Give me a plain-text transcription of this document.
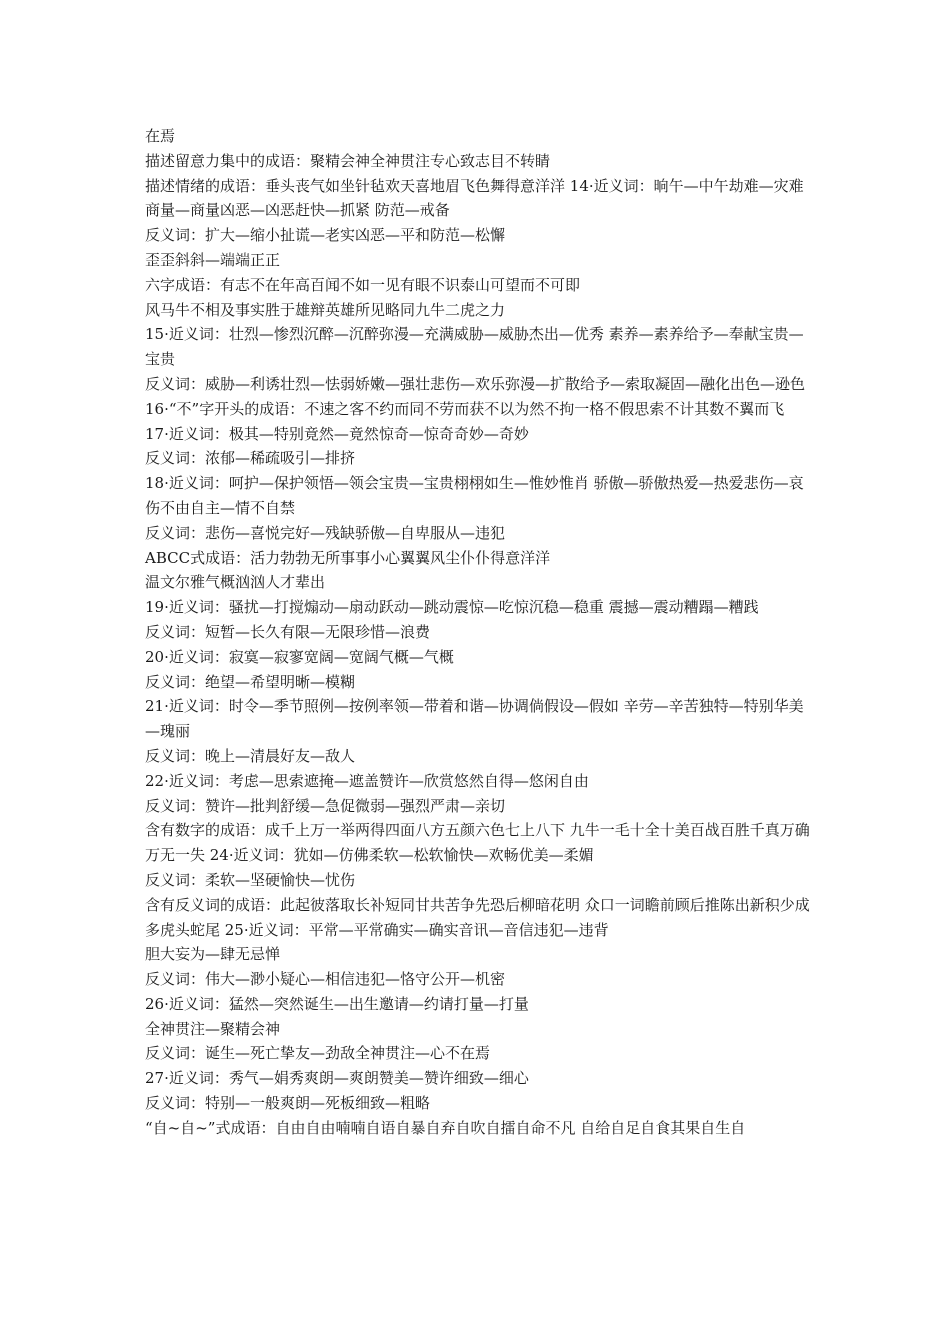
在焉

描述留意力集中的成语：聚精会神全神贯注专心致志目不转睛

描述情绪的成语：垂头丧气如坐针毡欢天喜地眉飞色舞得意洋洋 14·近义词：晌午—中午劫难—灾难商量—商量凶恶—凶恶赶快—抓紧 防范—戒备

反义词：扩大—缩小扯谎—老实凶恶—平和防范—松懈

歪歪斜斜—端端正正

六字成语：有志不在年高百闻不如一见有眼不识泰山可望而不可即

风马牛不相及事实胜于雄辩英雄所见略同九牛二虎之力

15·近义词：壮烈—惨烈沉醉—沉醉弥漫—充满威胁—威胁杰出—优秀 素养—素养给予—奉献宝贵—宝贵

反义词：威胁—利诱壮烈—怯弱娇嫩—强壮悲伤—欢乐弥漫—扩散给予—索取凝固—融化出色—逊色

16·“不”字开头的成语：不速之客不约而同不劳而获不以为然不拘一格不假思索不计其数不翼而飞

17·近义词：极其—特别竟然—竟然惊奇—惊奇奇妙—奇妙

反义词：浓郁—稀疏吸引—排挤

18·近义词：呵护—保护领悟—领会宝贵—宝贵栩栩如生—惟妙惟肖 骄傲—骄傲热爱—热爱悲伤—哀伤不由自主—情不自禁

反义词：悲伤—喜悦完好—残缺骄傲—自卑服从—违犯

ABCC式成语：活力勃勃无所事事小心翼翼风尘仆仆得意洋洋

温文尔雅气概汹汹人才辈出

19·近义词：骚扰—打搅煽动—扇动跃动—跳动震惊—吃惊沉稳—稳重 震撼—震动糟蹋—糟践

反义词：短暂—长久有限—无限珍惜—浪费

20·近义词：寂寞—寂寥宽阔—宽阔气概—气概

反义词：绝望—希望明晰—模糊

21·近义词：时令—季节照例—按例率领—带着和谐—协调倘假设—假如 辛劳—辛苦独特—特别华美—瑰丽

反义词：晚上—清晨好友—敌人

22·近义词：考虑—思索遮掩—遮盖赞许—欣赏悠然自得—悠闲自由

反义词：赞许—批判舒缓—急促微弱—强烈严肃—亲切

含有数字的成语：成千上万一举两得四面八方五颜六色七上八下 九牛一毛十全十美百战百胜千真万确万无一失 24·近义词：犹如—仿佛柔软—松软愉快—欢畅优美—柔媚

反义词：柔软—坚硬愉快—忧伤

含有反义词的成语：此起彼落取长补短同甘共苦争先恐后柳暗花明 众口一词瞻前顾后推陈出新积少成多虎头蛇尾 25·近义词：平常—平常确实—确实音讯—音信违犯—违背

胆大妄为—肆无忌惮

反义词：伟大—渺小疑心—相信违犯—恪守公开—机密

26·近义词：猛然—突然诞生—出生邀请—约请打量—打量

全神贯注—聚精会神

反义词：诞生—死亡挚友—劲敌全神贯注—心不在焉

27·近义词：秀气—娟秀爽朗—爽朗赞美—赞许细致—细心

反义词：特别—一般爽朗—死板细致—粗略

“自~自~”式成语：自由自由喃喃自语自暴自弃自吹自擂自命不凡 自给自足自食其果自生自
